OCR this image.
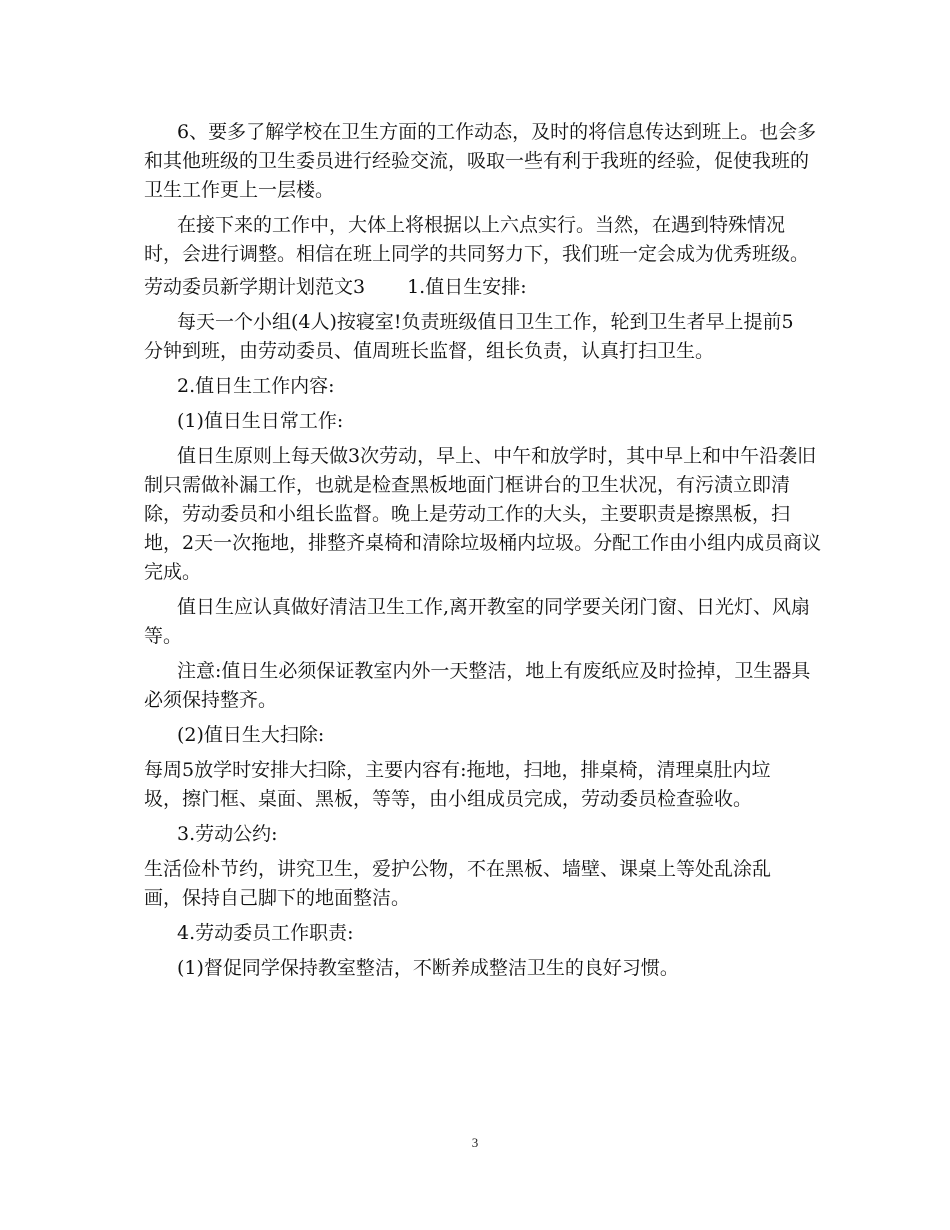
6、要多了解学校在卫生方面的工作动态，及时的将信息传达到班上。也会多
和其他班级的卫生委员进行经验交流，吸取一些有利于我班的经验，促使我班的
卫生工作更上一层楼。
在接下来的工作中，大体上将根据以上六点实行。当然，在遇到特殊情况
时，会进行调整。相信在班上同学的共同努力下，我们班一定会成为优秀班级。
劳动委员新学期计划范文3 1.值日生安排:
每天一个小组(4人)按寝室!负责班级值日卫生工作，轮到卫生者早上提前5
分钟到班，由劳动委员、值周班长监督，组长负责，认真打扫卫生。
2.值日生工作内容:
(1)值日生日常工作:
值日生原则上每天做3次劳动，早上、中午和放学时，其中早上和中午沿袭旧
制只需做补漏工作，也就是检查黑板地面门框讲台的卫生状况，有污渍立即清
除，劳动委员和小组长监督。晚上是劳动工作的大头，主要职责是擦黑板，扫
地，2天一次拖地，排整齐桌椅和清除垃圾桶内垃圾。分配工作由小组内成员商议
完成。
值日生应认真做好清洁卫生工作,离开教室的同学要关闭门窗、日光灯、风扇
等。
注意:值日生必须保证教室内外一天整洁，地上有废纸应及时捡掉，卫生器具
必须保持整齐。
(2)值日生大扫除:
每周5放学时安排大扫除，主要内容有:拖地，扫地，排桌椅，清理桌肚内垃
圾，擦门框、桌面、黑板，等等，由小组成员完成，劳动委员检查验收。
3.劳动公约:
生活俭朴节约，讲究卫生，爱护公物，不在黑板、墙壁、课桌上等处乱涂乱
画，保持自己脚下的地面整洁。
4.劳动委员工作职责:
(1)督促同学保持教室整洁，不断养成整洁卫生的良好习惯。
3
